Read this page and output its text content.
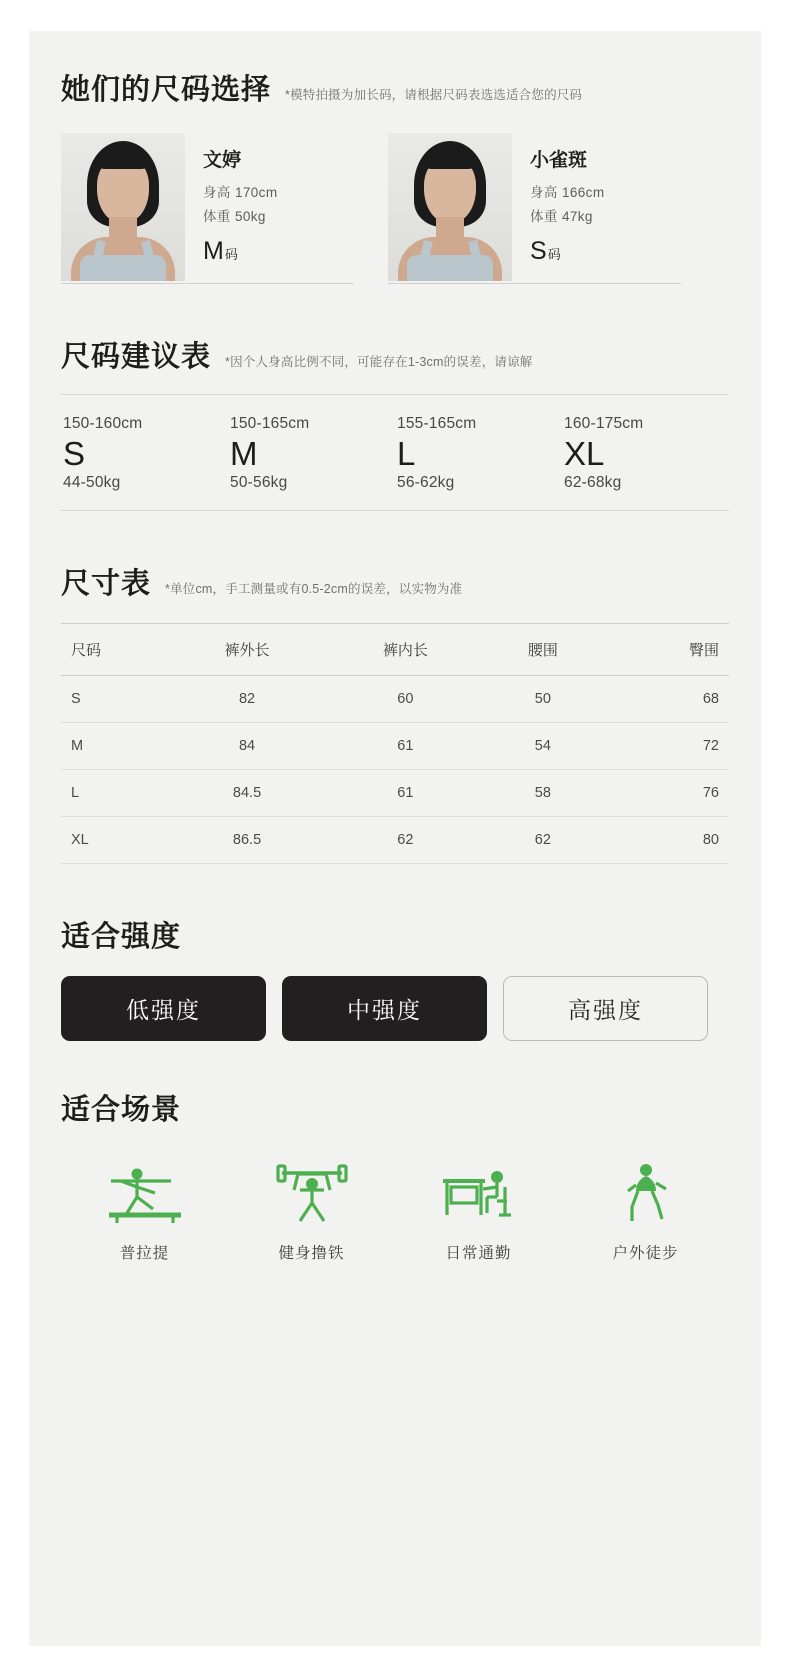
她们的尺码选择 *模特拍摄为加长码，请根据尺码表选选适合您的尺码
文婷
身高 170cm
体重 50kg
M码
小雀斑
身高 166cm
体重 47kg
S码
尺码建议表 *因个人身高比例不同，可能存在1-3cm的误差，请谅解
150-160cm
S
44-50kg
150-165cm
M
50-56kg
155-165cm
L
56-62kg
160-175cm
XL
62-68kg
尺寸表 *单位cm，手工测量或有0.5-2cm的误差，以实物为准
尺码	裤外长	裤内长	腰围	臀围
S	82	60	50	68
M	84	61	54	72
L	84.5	61	58	76
XL	86.5	62	62	80
适合强度
低强度	中强度	高强度
适合场景
普拉提	健身撸铁	日常通勤	户外徒步
